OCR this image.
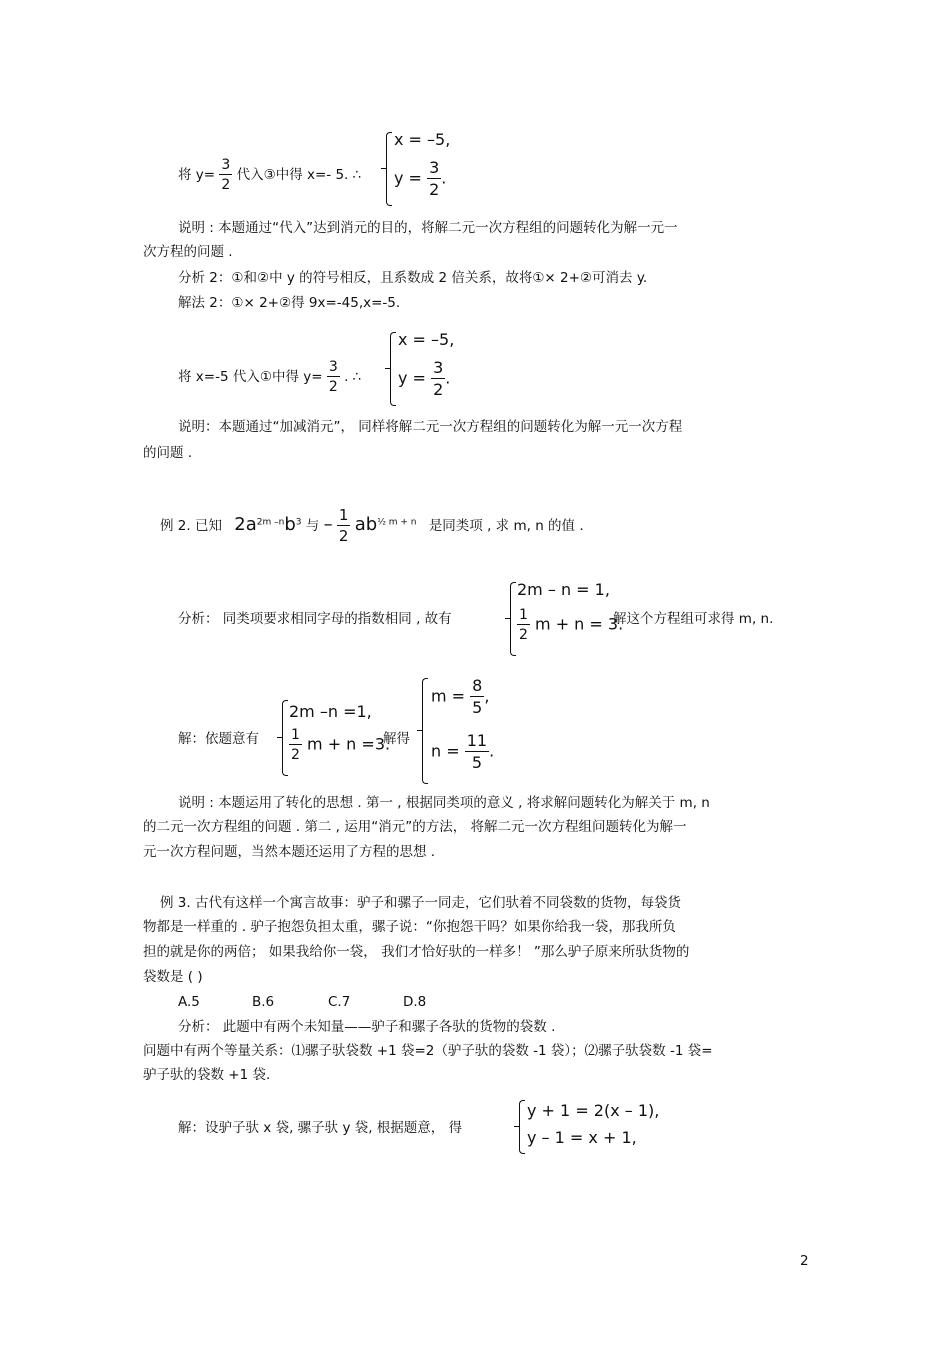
将 $y= \frac{3}{2}$ 代入③中得 x=- 5. ∴
x = –5,
$y = \frac{3}{2}$ .
说明 : 本题通过“代入”达到消元的目的，将解二元一次方程组的问题转化为解一元一
次方程的问题 .
分析 2：①和②中 y 的符号相反，且系数成 2 倍关系，故将①× 2+②可消去 y.
解法 2：①× 2+②得 9x=-45,x=-5.
将 x=-5 代入①中得 $y= \frac{3}{2}$ . ∴
x = –5,
$y = \frac{3}{2}$ .
说明：本题通过“加减消元”， 同样将解二元一次方程组的问题转化为解一元一次方程
的问题 .
例 2. 已知 $2a^{2m -n}b^3$ 与 – $\frac{1}{2} ab^{\frac{1}{2} m + n}$ 是同类项 , 求 m, n 的值 .
分析： 同类项要求相同字母的指数相同 , 故有
2m – n = 1,
$\frac{1}{2}$ m + n = 3.
解这个方程组可求得 m, n.
解：依题意有
2m –n =1,
$\frac{1}{2}$ m + n =3.
解得
$m = \frac{8}{5}$ ,
$n = \frac{11}{5}$ .
说明 : 本题运用了转化的思想 . 第一 , 根据同类项的意义 , 将求解问题转化为解关于 m, n
的二元一次方程组的问题 . 第二 , 运用“消元”的方法， 将解二元一次方程组问题转化为解一
元一次方程问题，当然本题还运用了方程的思想 .
例 3. 古代有这样一个寓言故事：驴子和骡子一同走，它们驮着不同袋数的货物，每袋货
物都是一样重的 . 驴子抱怨负担太重，骡子说：“你抱怨干吗？如果你给我一袋，那我所负
担的就是你的两倍； 如果我给你一袋， 我们才恰好驮的一样多！ ”那么驴子原来所驮货物的
袋数是 ( )
A.5	B.6	C.7	D.8
分析： 此题中有两个未知量——驴子和骡子各驮的货物的袋数 .
问题中有两个等量关系：⑴骡子驮袋数 +1 袋=2（驴子驮的袋数 -1 袋）；⑵骡子驮袋数 -1 袋=
驴子驮的袋数 +1 袋.
解：设驴子驮 x 袋, 骡子驮 y 袋, 根据题意， 得
y + 1 = 2(x – 1),
y – 1 = x + 1,
2
